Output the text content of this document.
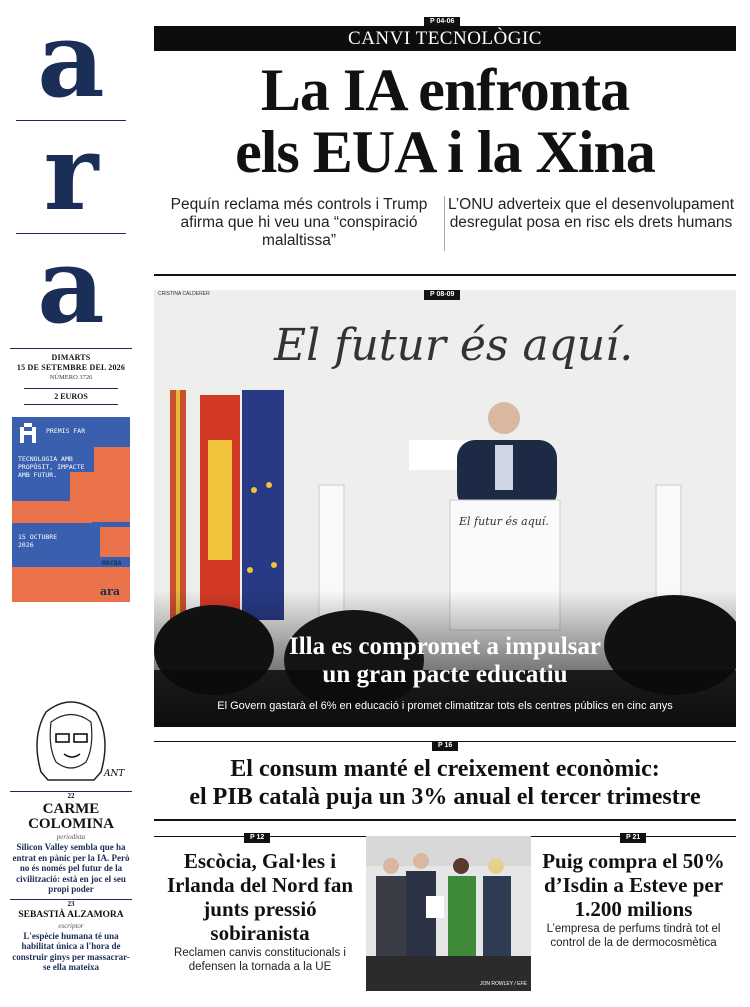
a
r
a
DIMARTS
15 DE SETEMBRE DEL 2026
NÚMERO 3726
2 EUROS
PREMIS FAR
TECNOLOGIA AMB PROPÒSIT, IMPACTE AMB FUTUR.
15 OCTUBRE 2026
MACBA
ara
ANT
22
CARME COLOMINA
periodista
Silicon Valley sembla que ha entrat en pànic per la IA. Però no és només pel futur de la civilització: està en joc el seu propi poder
23
SEBASTIÀ ALZAMORA
escriptor
L'espècie humana té una habilitat única a l'hora de construir ginys per massacrar-se ella mateixa
P 04-06
CANVI TECNOLÒGIC
La IA enfronta
els EUA i la Xina
Pequín reclama més controls i Trump afirma que hi veu una “conspiració malaltissa”
L’ONU adverteix que el desenvolupament desregulat posa en risc els drets humans
P 08-09
El futur és aquí.
El futur és aquí.
Illa es compromet a impulsar
un gran pacte educatiu
El Govern gastarà el 6% en educació i promet climatitzar tots els centres públics en cinc anys
CRISTINA CALDERER
P 16
El consum manté el creixement econòmic:
el PIB català puja un 3% anual el tercer trimestre
P 12
Escòcia, Gal·les i Irlanda del Nord fan junts pressió sobiranista
Reclamen canvis constitucionals i defensen la tornada a la UE
JON ROWLEY / EFE
P 21
Puig compra el 50% d’Isdin a Esteve per 1.200 milions
L’empresa de perfums tindrà tot el control de la de dermocosmètica
